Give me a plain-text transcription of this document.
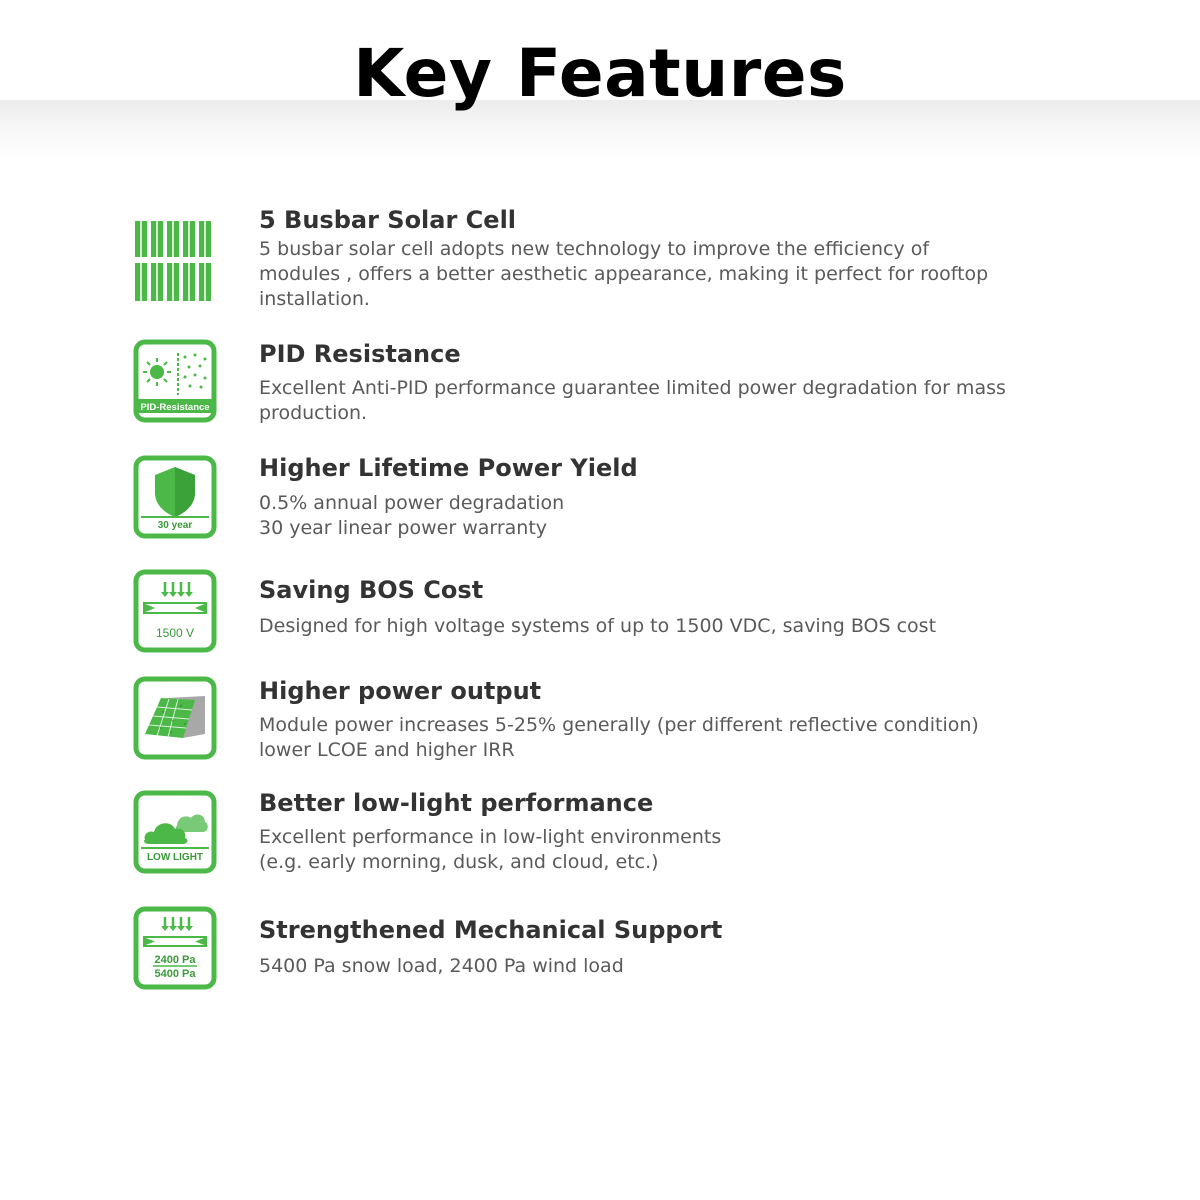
Key Features
5 Busbar Solar Cell
5 busbar solar cell adopts new technology to improve the efficiency of
modules , offers a better aesthetic appearance, making it perfect for rooftop
installation.
PID-Resistance
PID Resistance
Excellent Anti-PID performance guarantee limited power degradation for mass
production.
30 year
Higher Lifetime Power Yield
0.5% annual power degradation
30 year linear power warranty
1500 V
Saving BOS Cost
Designed for high voltage systems of up to 1500 VDC, saving BOS cost
Higher power output
Module power increases 5-25% generally (per different reflective condition)
lower LCOE and higher IRR
LOW LIGHT
Better low-light performance
Excellent performance in low-light environments
(e.g. early morning, dusk, and cloud, etc.)
2400 Pa
5400 Pa
Strengthened Mechanical Support
5400 Pa snow load, 2400 Pa wind load
